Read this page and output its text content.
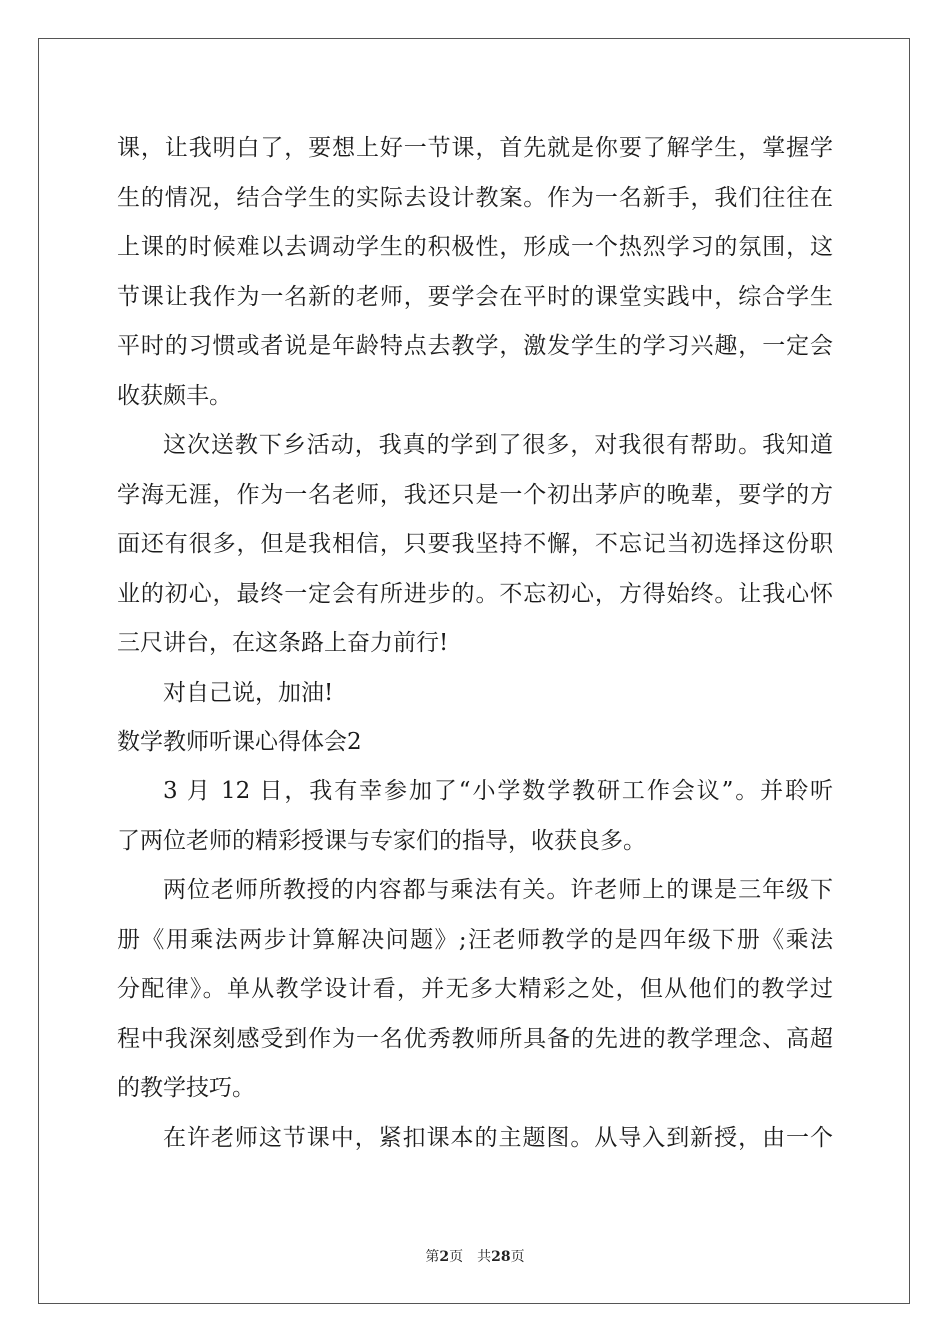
课，让我明白了，要想上好一节课，首先就是你要了解学生，掌握学
生的情况，结合学生的实际去设计教案。作为一名新手，我们往往在
上课的时候难以去调动学生的积极性，形成一个热烈学习的氛围，这
节课让我作为一名新的老师，要学会在平时的课堂实践中，综合学生
平时的习惯或者说是年龄特点去教学，激发学生的学习兴趣，一定会
收获颇丰。
这次送教下乡活动，我真的学到了很多，对我很有帮助。我知道
学海无涯，作为一名老师，我还只是一个初出茅庐的晚辈，要学的方
面还有很多，但是我相信，只要我坚持不懈，不忘记当初选择这份职
业的初心，最终一定会有所进步的。不忘初心，方得始终。让我心怀
三尺讲台，在这条路上奋力前行!
对自己说，加油!
数学教师听课心得体会2
3 月 12 日，我有幸参加了“小学数学教研工作会议”。并聆听
了两位老师的精彩授课与专家们的指导，收获良多。
两位老师所教授的内容都与乘法有关。许老师上的课是三年级下
册《用乘法两步计算解决问题》;汪老师教学的是四年级下册《乘法
分配律》。单从教学设计看，并无多大精彩之处，但从他们的教学过
程中我深刻感受到作为一名优秀教师所具备的先进的教学理念、高超
的教学技巧。
在许老师这节课中，紧扣课本的主题图。从导入到新授，由一个
第2页 共28页
